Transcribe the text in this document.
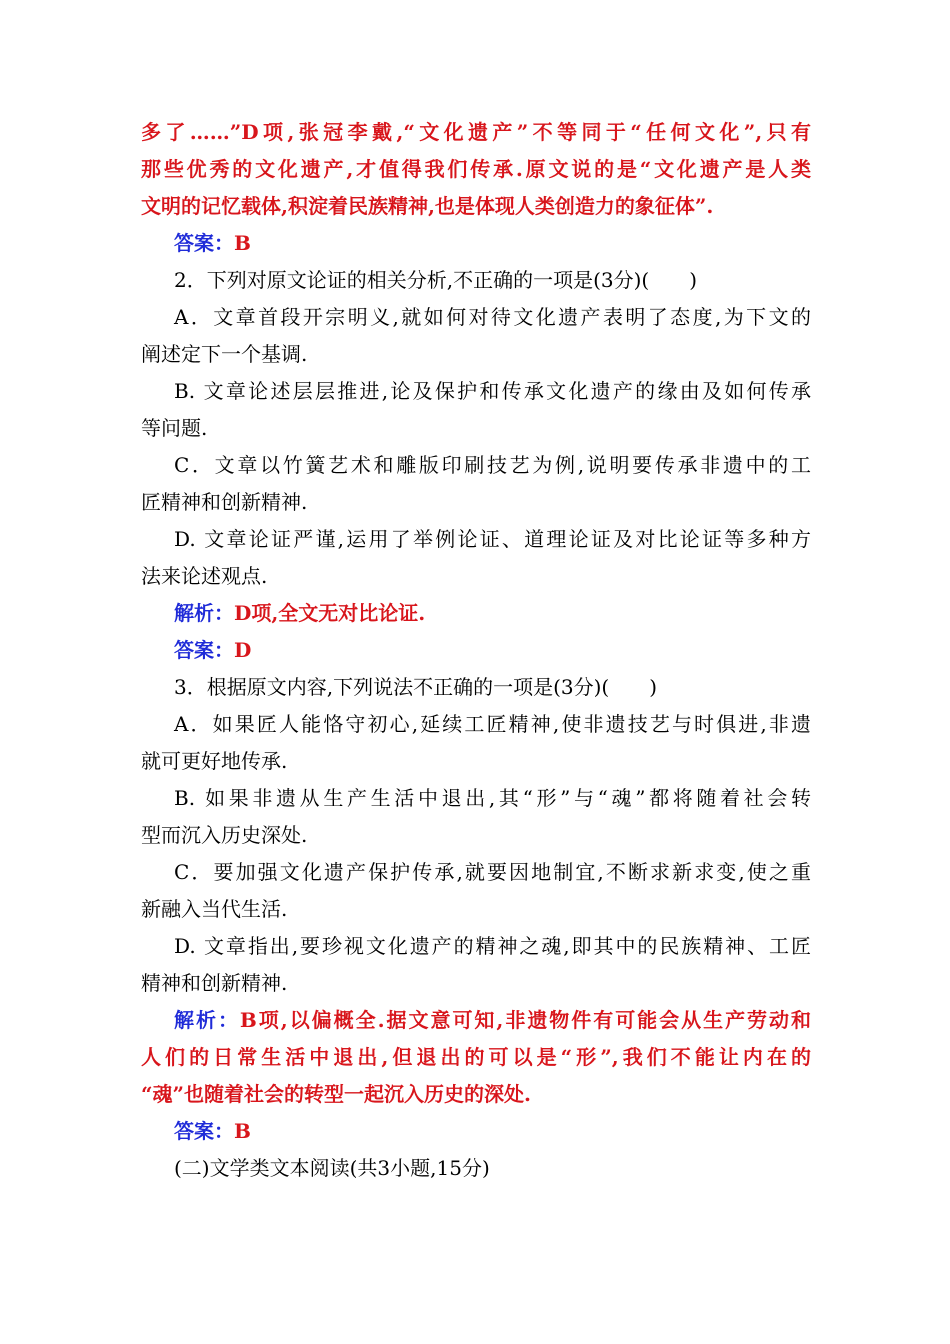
多了……”D项,张冠李戴,“文化遗产”不等同于“任何文化”,只有
那些优秀的文化遗产,才值得我们传承.原文说的是“文化遗产是人类
文明的记忆载体,积淀着民族精神,也是体现人类创造力的象征体”.
答案：B
2．下列对原文论证的相关分析,不正确的一项是(3分)(　　)
A．文章首段开宗明义,就如何对待文化遗产表明了态度,为下文的
阐述定下一个基调.
B. 文章论述层层推进,论及保护和传承文化遗产的缘由及如何传承
等问题.
C．文章以竹簧艺术和雕版印刷技艺为例,说明要传承非遗中的工
匠精神和创新精神.
D. 文章论证严谨,运用了举例论证、道理论证及对比论证等多种方
法来论述观点.
解析：D项,全文无对比论证.
答案：D
3．根据原文内容,下列说法不正确的一项是(3分)(　　)
A．如果匠人能恪守初心,延续工匠精神,使非遗技艺与时俱进,非遗
就可更好地传承.
B. 如果非遗从生产生活中退出,其“形”与“魂”都将随着社会转
型而沉入历史深处.
C．要加强文化遗产保护传承,就要因地制宜,不断求新求变,使之重
新融入当代生活.
D. 文章指出,要珍视文化遗产的精神之魂,即其中的民族精神、工匠
精神和创新精神.
解析：B项,以偏概全.据文意可知,非遗物件有可能会从生产劳动和
人们的日常生活中退出,但退出的可以是“形”,我们不能让内在的
“魂”也随着社会的转型一起沉入历史的深处.
答案：B
(二)文学类文本阅读(共3小题,15分)
